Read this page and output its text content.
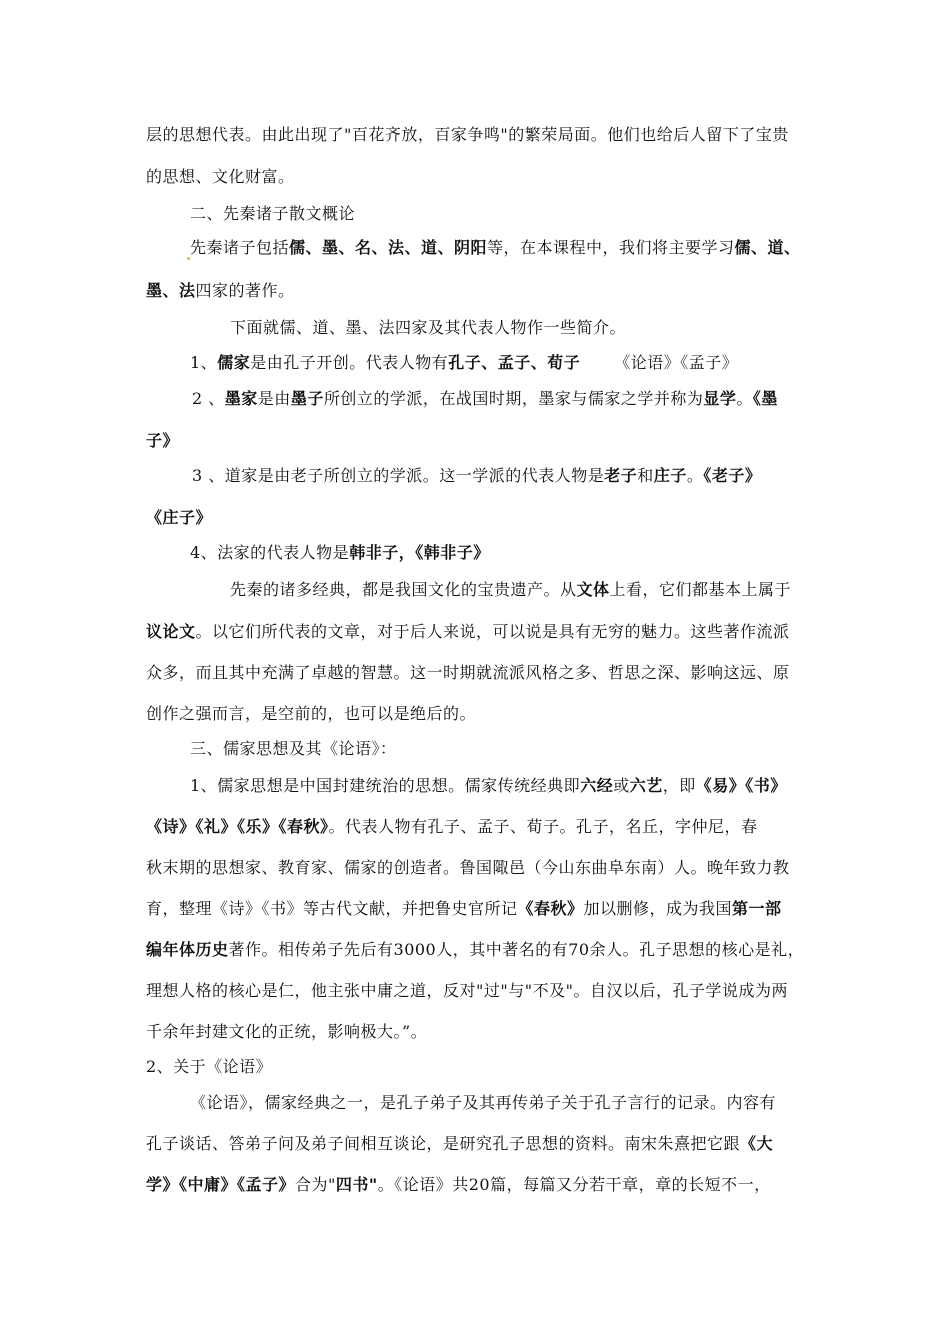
层的思想代表。由此出现了"百花齐放，百家争鸣"的繁荣局面。他们也给后人留下了宝贵
的思想、文化财富。
二、先秦诸子散文概论
先秦诸子包括儒、墨、名、法、道、阴阳等，在本课程中，我们将主要学习儒、道、
墨、法四家的著作。
下面就儒、道、墨、法四家及其代表人物作一些简介。
1、儒家是由孔子开创。代表人物有孔子、孟子、荀子 《论语》《孟子》
2 、墨家是由墨子所创立的学派，在战国时期，墨家与儒家之学并称为显学。《墨
子》
3 、道家是由老子所创立的学派。这一学派的代表人物是老子和庄子。《老子》
《庄子》
4、法家的代表人物是韩非子，《韩非子》
先秦的诸多经典，都是我国文化的宝贵遗产。从文体上看，它们都基本上属于
议论文。以它们所代表的文章，对于后人来说，可以说是具有无穷的魅力。这些著作流派
众多，而且其中充满了卓越的智慧。这一时期就流派风格之多、哲思之深、影响这远、原
创作之强而言，是空前的，也可以是绝后的。
三、儒家思想及其《论语》：
1、儒家思想是中国封建统治的思想。儒家传统经典即六经或六艺，即《易》《书》
《诗》《礼》《乐》《春秋》。代表人物有孔子、孟子、荀子。孔子，名丘，字仲尼，春
秋末期的思想家、教育家、儒家的创造者。鲁国陬邑（今山东曲阜东南）人。晚年致力教
育，整理《诗》《书》等古代文献，并把鲁史官所记《春秋》加以删修，成为我国第一部
编年体历史著作。相传弟子先后有3000人，其中著名的有70余人。孔子思想的核心是礼，
理想人格的核心是仁，他主张中庸之道，反对"过"与"不及"。自汉以后，孔子学说成为两
千余年封建文化的正统，影响极大。”。
2、关于《论语》
《论语》，儒家经典之一，是孔子弟子及其再传弟子关于孔子言行的记录。内容有
孔子谈话、答弟子问及弟子间相互谈论，是研究孔子思想的资料。南宋朱熹把它跟《大
学》《中庸》《孟子》合为"四书"。《论语》共20篇，每篇又分若干章，章的长短不一，
